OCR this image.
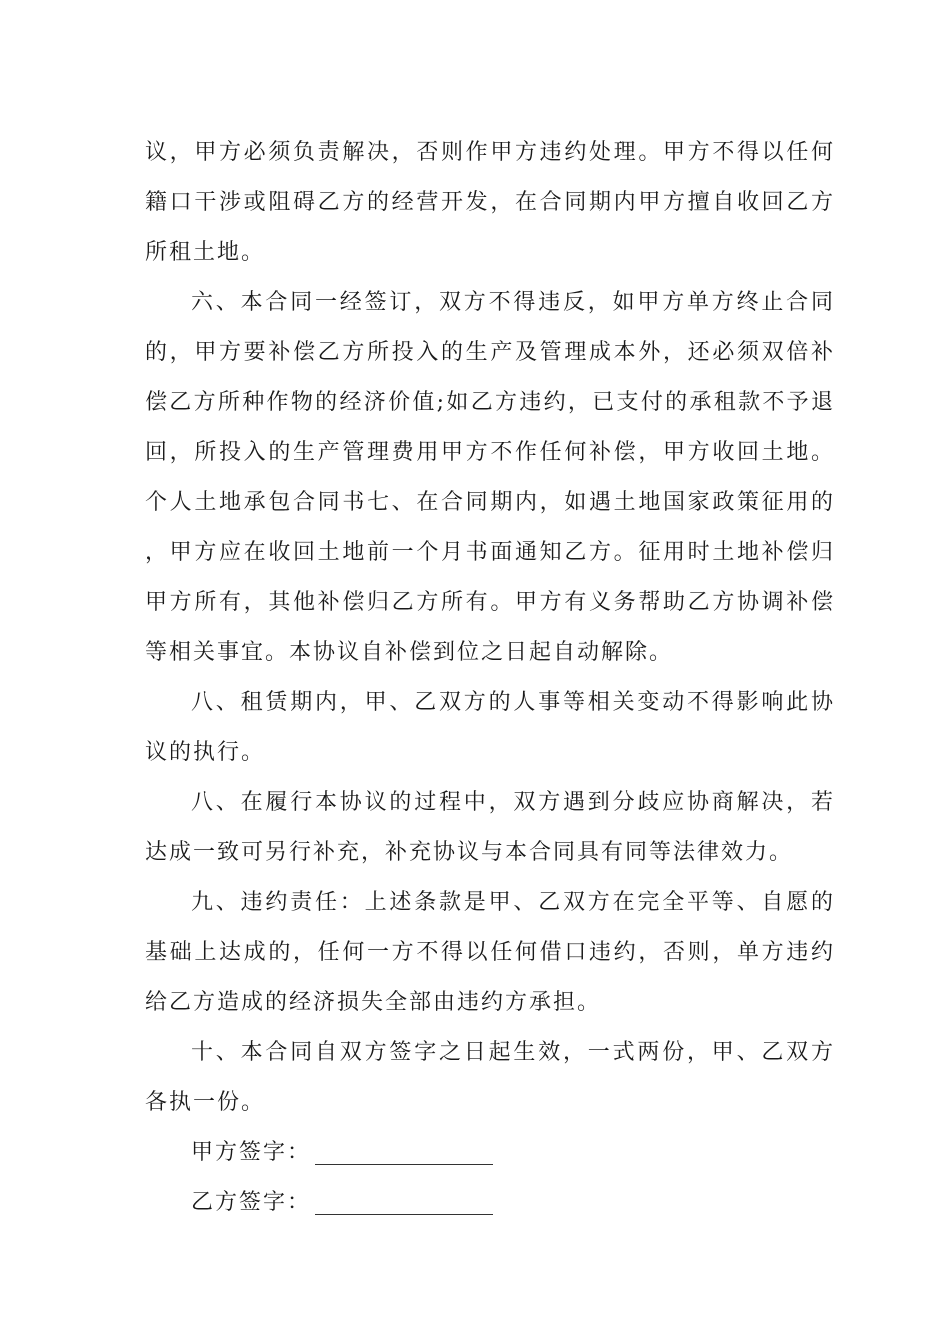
议，甲方必须负责解决，否则作甲方违约处理。甲方不得以任何籍口干涉或阻碍乙方的经营开发，在合同期内甲方擅自收回乙方所租土地。

六、本合同一经签订，双方不得违反，如甲方单方终止合同的，甲方要补偿乙方所投入的生产及管理成本外，还必须双倍补偿乙方所种作物的经济价值;如乙方违约，已支付的承租款不予退回，所投入的生产管理费用甲方不作任何补偿，甲方收回土地。个人土地承包合同书七、在合同期内，如遇土地国家政策征用的，甲方应在收回土地前一个月书面通知乙方。征用时土地补偿归甲方所有，其他补偿归乙方所有。甲方有义务帮助乙方协调补偿等相关事宜。本协议自补偿到位之日起自动解除。

八、租赁期内，甲、乙双方的人事等相关变动不得影响此协议的执行。

八、在履行本协议的过程中，双方遇到分歧应协商解决，若达成一致可另行补充，补充协议与本合同具有同等法律效力。

九、违约责任：上述条款是甲、乙双方在完全平等、自愿的基础上达成的，任何一方不得以任何借口违约，否则，单方违约给乙方造成的经济损失全部由违约方承担。

十、本合同自双方签字之日起生效，一式两份，甲、乙双方各执一份。

甲方签字：
乙方签字：
